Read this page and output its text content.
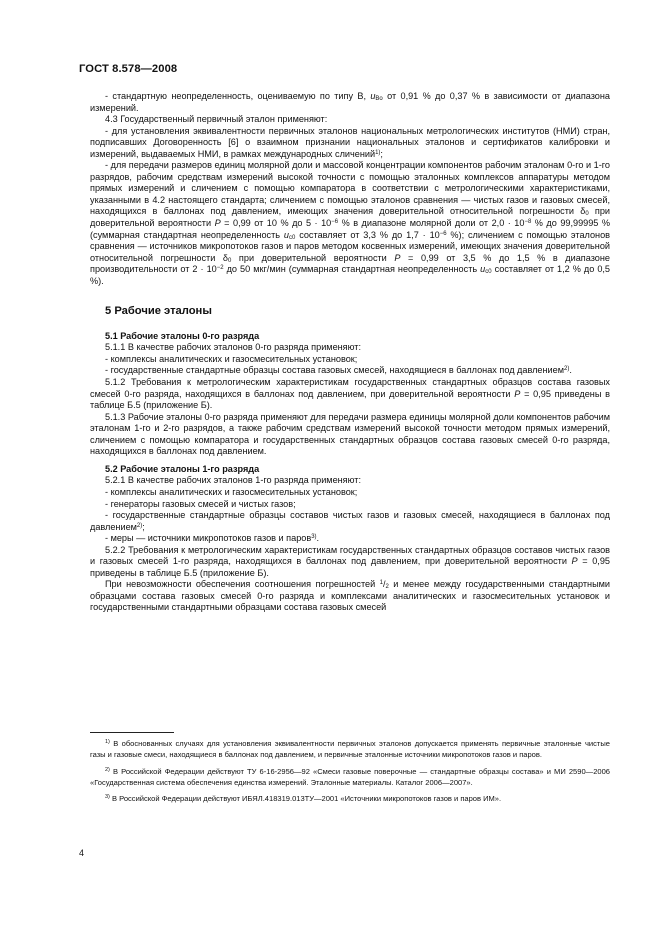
ГОСТ 8.578—2008

- стандартную неопределенность, оцениваемую по типу В, $u_{Bo}$ от 0,91 % до 0,37 % в зависимости от диапазона измерений.

4.3 Государственный первичный эталон применяют:

- для установления эквивалентности первичных эталонов национальных метрологических институтов (НМИ) стран, подписавших Договоренность [6] о взаимном признании национальных эталонов и сертификатов калибровки и измерений, выдаваемых НМИ, в рамках международных сличений$^{1)}$;

- для передачи размеров единиц молярной доли и массовой концентрации компонентов рабочим эталонам 0-го и 1-го разрядов, рабочим средствам измерений высокой точности с помощью эталонных комплексов аппаратуры методом прямых измерений и сличением с помощью компаратора в соответствии с метрологическими характеристиками, указанными в 4.2 настоящего стандарта; сличением с помощью эталонов сравнения — чистых газов и газовых смесей, находящихся в баллонах под давлением, имеющих значения доверительной относительной погрешности $\delta_0$ при доверительной вероятности P = 0,99 от 10 % до $5 \cdot 10^{-6}$ % в диапазоне молярной доли от $2,0 \cdot 10^{-8}$ % до 99,99995 % (суммарная стандартная неопределенность $u_{c0}$ составляет от 3,3 % до $1,7 \cdot 10^{-6}$ %); сличением с помощью эталонов сравнения — источников микропотоков газов и паров методом косвенных измерений, имеющих значения доверительной относительной погрешности $\delta_0$ при доверительной вероятности P = 0,99 от 3,5 % до 1,5 % в диапазоне производительности от $2 \cdot 10^{-2}$ до 50 мкг/мин (суммарная стандартная неопределенность $u_{c0}$ составляет от 1,2 % до 0,5 %).

5 Рабочие эталоны

5.1 Рабочие эталоны 0-го разряда

5.1.1 В качестве рабочих эталонов 0-го разряда применяют:

- комплексы аналитических и газосмесительных установок;

- государственные стандартные образцы состава газовых смесей, находящиеся в баллонах под давлением$^{2)}$.

5.1.2 Требования к метрологическим характеристикам государственных стандартных образцов состава газовых смесей 0-го разряда, находящихся в баллонах под давлением, при доверительной вероятности P = 0,95 приведены в таблице Б.5 (приложение Б).

5.1.3 Рабочие эталоны 0-го разряда применяют для передачи размера единицы молярной доли компонентов рабочим эталонам 1-го и 2-го разрядов, а также рабочим средствам измерений высокой точности методом прямых измерений, сличением с помощью компаратора и государственных стандартных образцов состава газовых смесей 0-го разряда, находящихся в баллонах под давлением.

5.2 Рабочие эталоны 1-го разряда

5.2.1 В качестве рабочих эталонов 1-го разряда применяют:

- комплексы аналитических и газосмесительных установок;

- генераторы газовых смесей и чистых газов;

- государственные стандартные образцы составов чистых газов и газовых смесей, находящиеся в баллонах под давлением$^{2)}$;

- меры — источники микропотоков газов и паров$^{3)}$.

5.2.2 Требования к метрологическим характеристикам государственных стандартных образцов составов чистых газов и газовых смесей 1-го разряда, находящихся в баллонах под давлением, при доверительной вероятности P = 0,95 приведены в таблице Б.5 (приложение Б).

При невозможности обеспечения соотношения погрешностей $^1/_2$ и менее между государственными стандартными образцами состава газовых смесей 0-го разряда и комплексами аналитических и газосмесительных установок и государственными стандартными образцами состава газовых смесей

$^{1)}$ В обоснованных случаях для установления эквивалентности первичных эталонов допускается применять первичные эталонные чистые газы и газовые смеси, находящиеся в баллонах под давлением, и первичные эталонные источники микропотоков газов и паров.

$^{2)}$ В Российской Федерации действуют ТУ 6-16-2956—92 «Смеси газовые поверочные — стандартные образцы состава» и МИ 2590—2006 «Государственная система обеспечения единства измерений. Эталонные материалы. Каталог 2006—2007».

$^{3)}$ В Российской Федерации действуют ИБЯЛ.418319.013ТУ—2001 «Источники микропотоков газов и паров ИМ».

4
